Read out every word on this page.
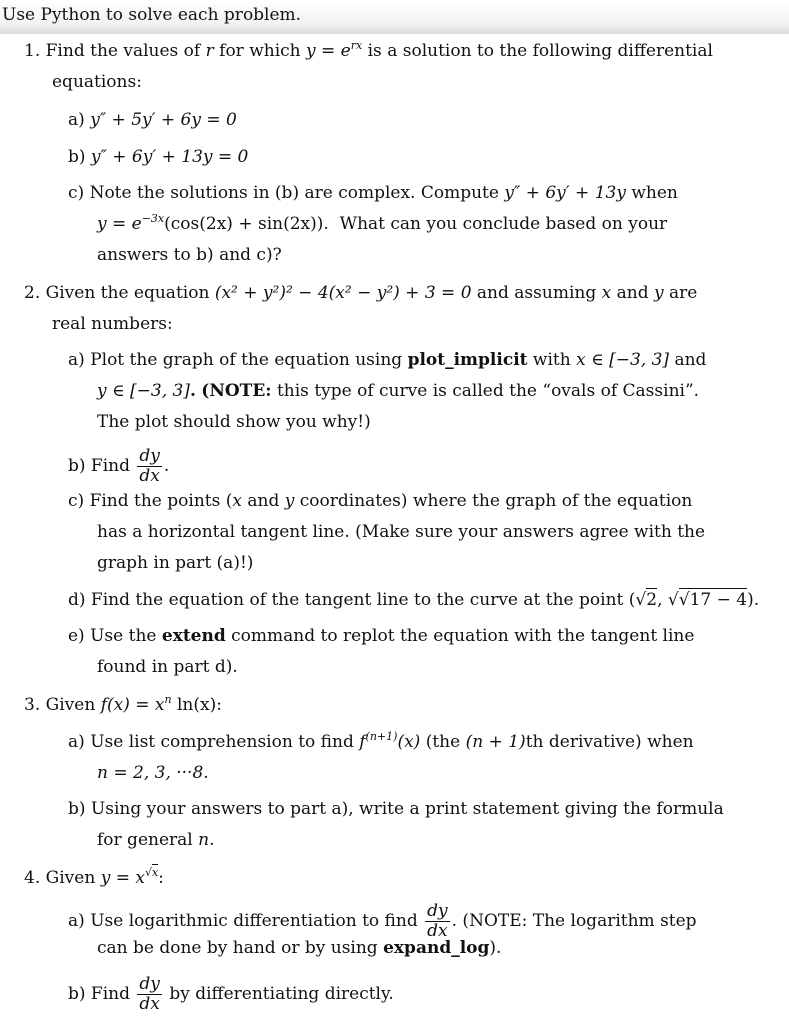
Use Python to solve each problem.
1. Find the values of r for which $y = e^{rx}$ is a solution to the following differential
equations:
a) y″ + 5y′ + 6y = 0
b) y″ + 6y′ + 13y = 0
c) Note the solutions in (b) are complex. Compute y″ + 6y′ + 13y when
$y = e^{-3x}(\cos(2x) + \sin(2x))$. What can you conclude based on your
answers to b) and c)?
2. Given the equation (x² + y²)² − 4(x² − y²) + 3 = 0 and assuming x and y are
real numbers:
a) Plot the graph of the equation using plot_implicit with x ∈ [−3, 3] and
y ∈ [−3, 3]. (NOTE: this type of curve is called the “ovals of Cassini”.
The plot should show you why!)
b) Find $\frac{dy}{dx}$ .
c) Find the points (x and y coordinates) where the graph of the equation
has a horizontal tangent line. (Make sure your answers agree with the
graph in part (a)!)
d) Find the equation of the tangent line to the curve at the point (√2, √√17 − 4).
e) Use the extend command to replot the equation with the tangent line
found in part d).
3. Given $f(x) = x^n$ ln(x):
a) Use list comprehension to find $f^{(n+1)}(x)$ (the (n + 1)th derivative) when
n = 2, 3, ···8.
b) Using your answers to part a), write a print statement giving the formula
for general n.
4. Given $y = x^{√x}$:
a) Use logarithmic differentiation to find $\frac{dy}{dx}$ . (NOTE: The logarithm step
can be done by hand or by using expand_log).
b) Find $\frac{dy}{dx}$ by differentiating directly.
